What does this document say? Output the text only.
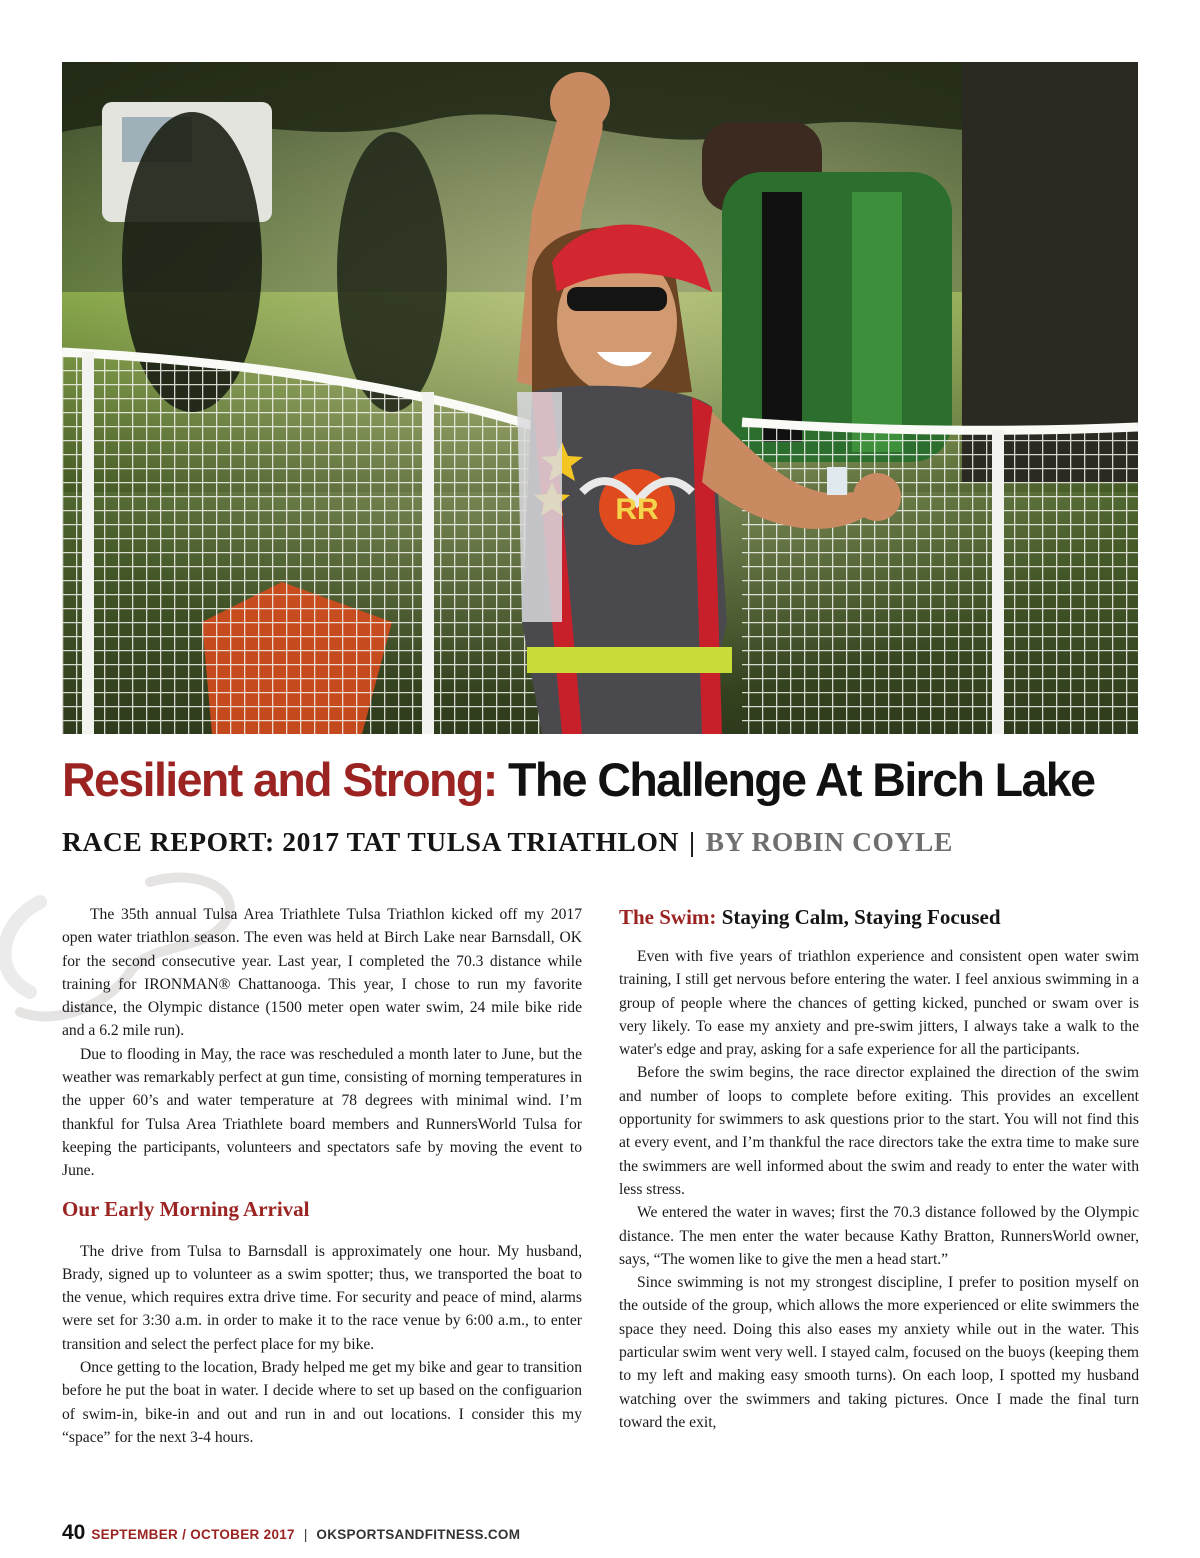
RR
Resilient and Strong: The Challenge At Birch Lake
RACE REPORT: 2017 TAT TULSA TRIATHLON | BY ROBIN COYLE

The 35th annual Tulsa Area Triathlete Tulsa Triathlon kicked off my 2017 open water triathlon season. The even was held at Birch Lake near Barnsdall, OK for the second consecutive year. Last year, I completed the 70.3 distance while training for IRONMAN® Chattanooga. This year, I chose to run my favorite distance, the Olympic distance (1500 meter open water swim, 24 mile bike ride and a 6.2 mile run).

Due to flooding in May, the race was rescheduled a month later to June, but the weather was remarkably perfect at gun time, consisting of morning temperatures in the upper 60’s and water temperature at 78 degrees with minimal wind. I’m thankful for Tulsa Area Triathlete board members and RunnersWorld Tulsa for keeping the participants, volunteers and spectators safe by moving the event to June.

Our Early Morning Arrival

The drive from Tulsa to Barnsdall is approximately one hour. My husband, Brady, signed up to volunteer as a swim spotter; thus, we transported the boat to the venue, which requires extra drive time. For security and peace of mind, alarms were set for 3:30 a.m. in order to make it to the race venue by 6:00 a.m., to enter transition and select the perfect place for my bike.

Once getting to the location, Brady helped me get my bike and gear to transition before he put the boat in water. I decide where to set up based on the configuarion of swim-in, bike-in and out and run in and out locations. I consider this my “space” for the next 3-4 hours.

The Swim: Staying Calm, Staying Focused

Even with five years of triathlon experience and consistent open water swim training, I still get nervous before entering the water. I feel anxious swimming in a group of people where the chances of getting kicked, punched or swam over is very likely. To ease my anxiety and pre-swim jitters, I always take a walk to the water's edge and pray, asking for a safe experience for all the participants.

Before the swim begins, the race director explained the direction of the swim and number of loops to complete before exiting. This provides an excellent opportunity for swimmers to ask questions prior to the start. You will not find this at every event, and I’m thankful the race directors take the extra time to make sure the swimmers are well informed about the swim and ready to enter the water with less stress.

We entered the water in waves; first the 70.3 distance followed by the Olympic distance. The men enter the water because Kathy Bratton, RunnersWorld owner, says, “The women like to give the men a head start.”

Since swimming is not my strongest discipline, I prefer to position myself on the outside of the group, which allows the more experienced or elite swimmers the space they need. Doing this also eases my anxiety while out in the water. This particular swim went very well. I stayed calm, focused on the buoys (keeping them to my left and making easy smooth turns). On each loop, I spotted my husband watching over the swimmers and taking pictures. Once I made the final turn toward the exit,

40 SEPTEMBER / OCTOBER 2017 | OKSPORTSANDFITNESS.COM
